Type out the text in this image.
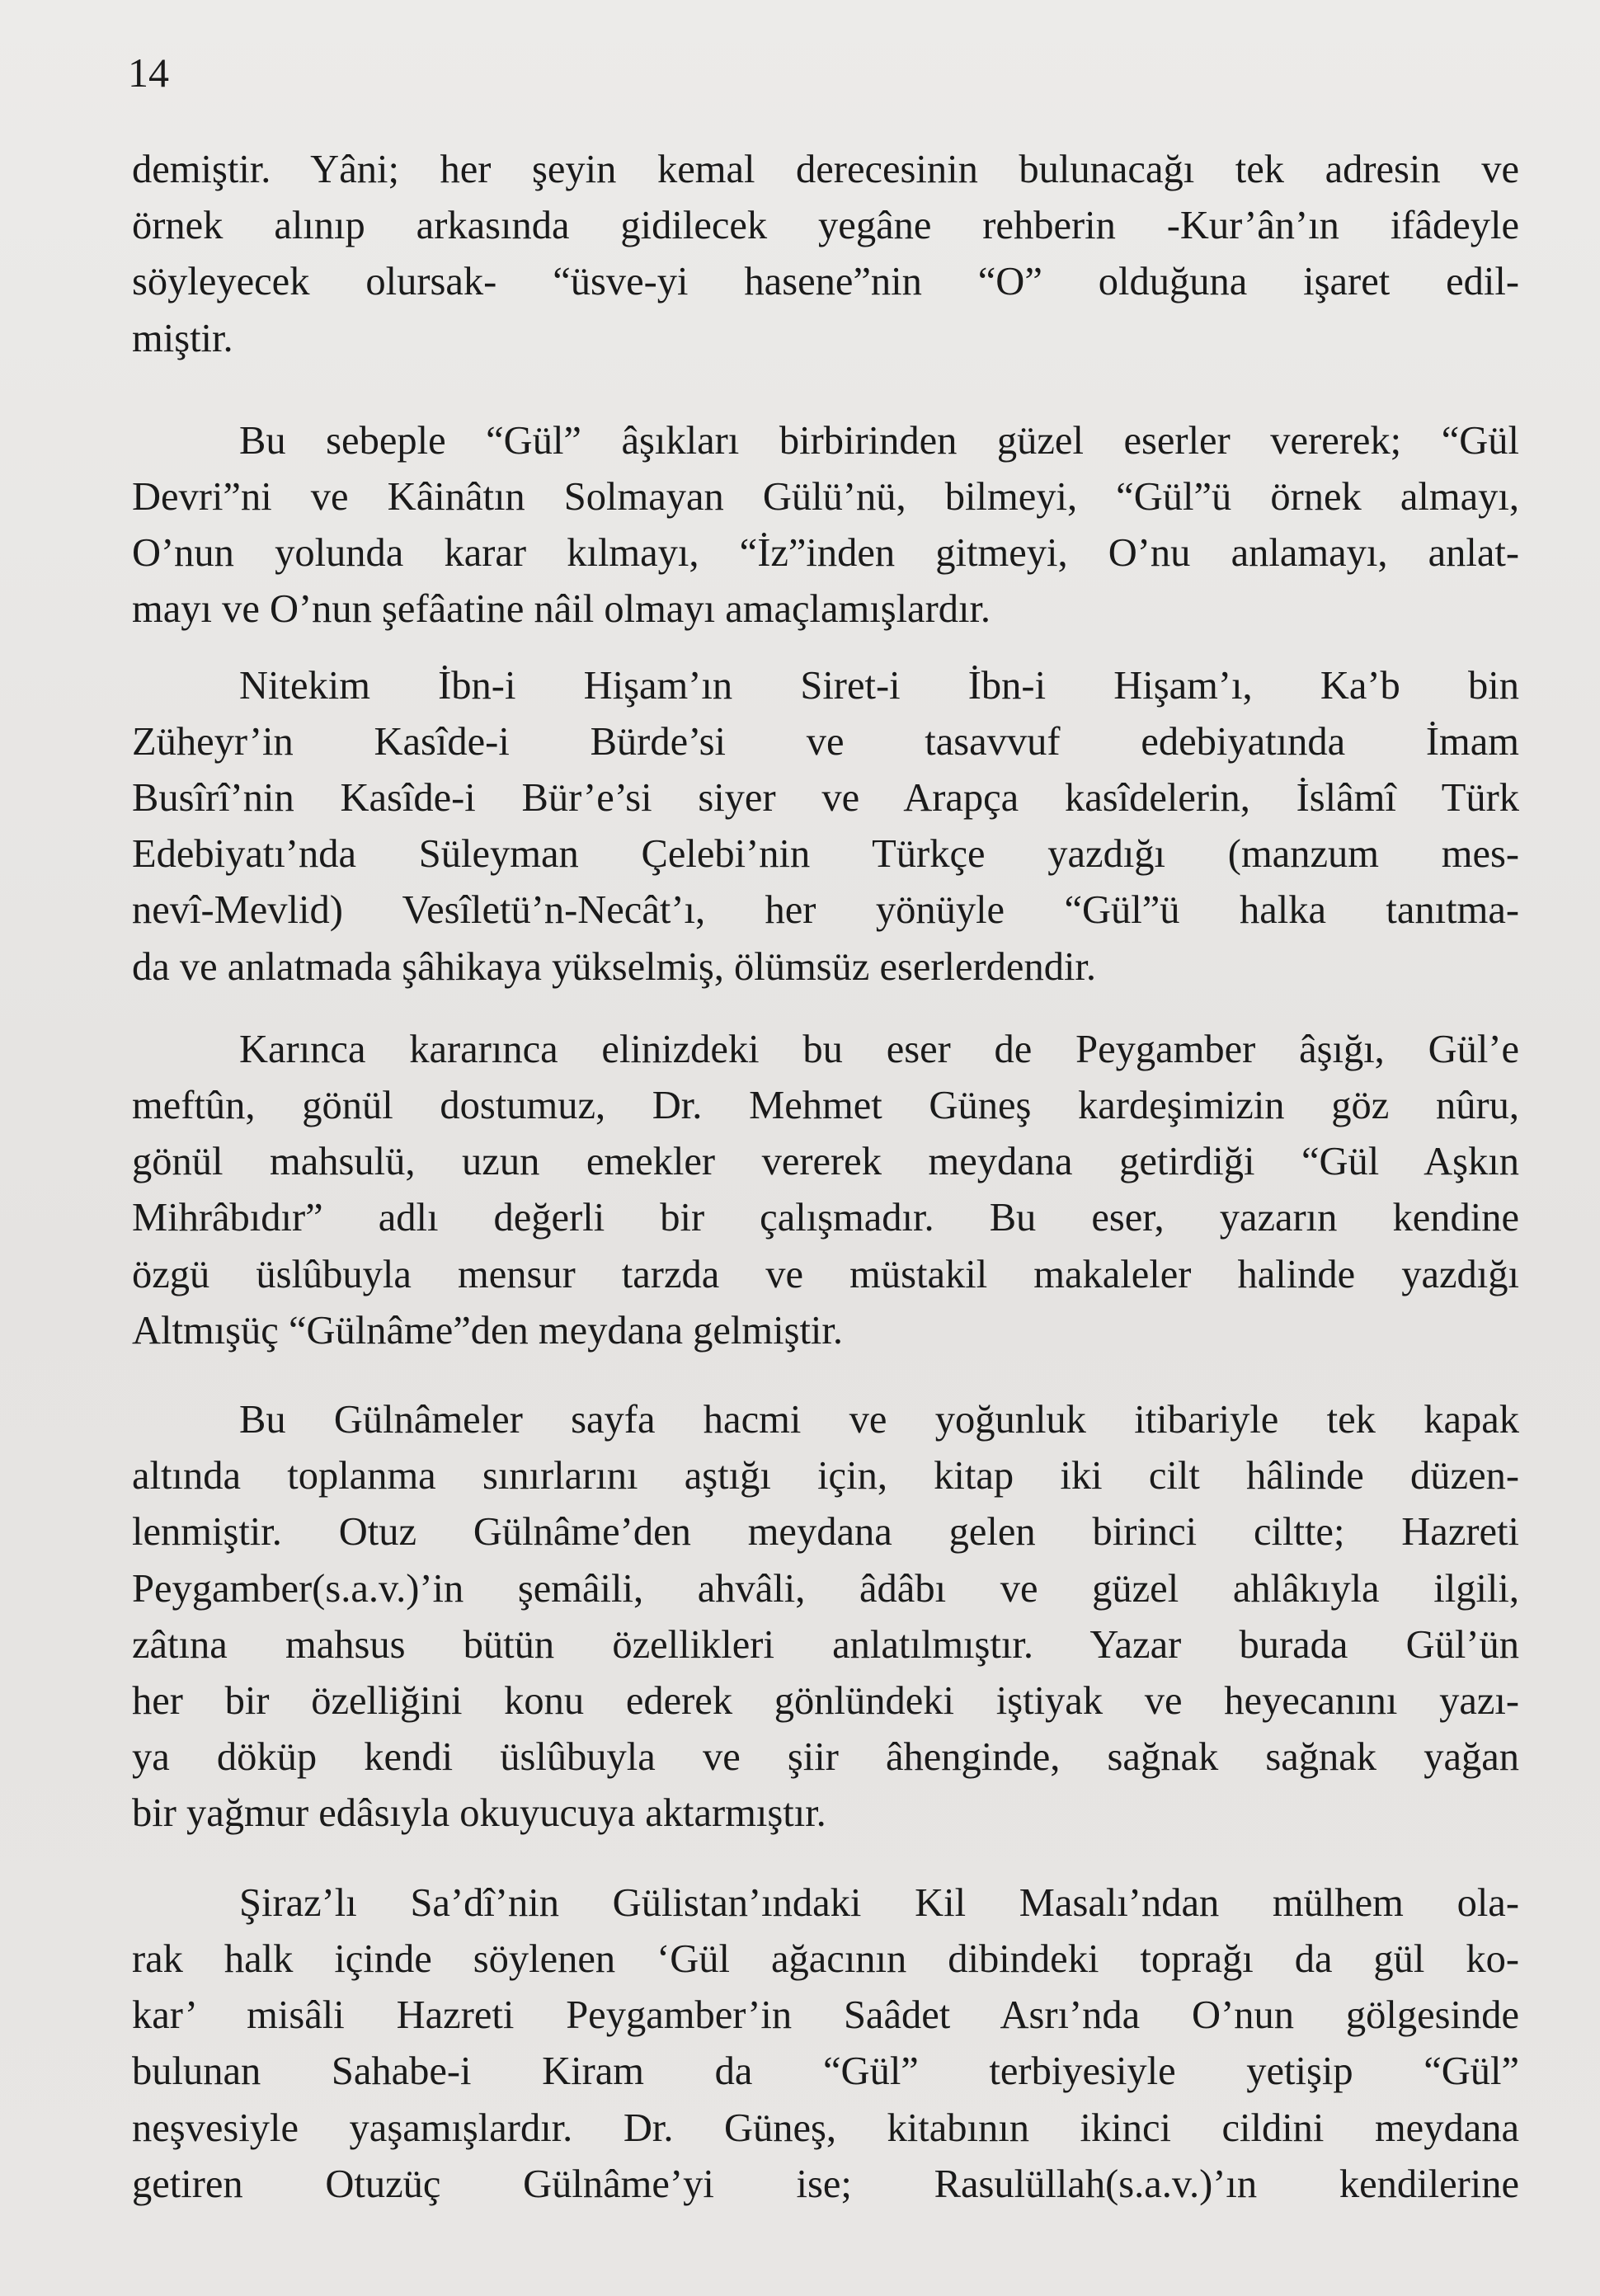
14

demiştir. Yâni; her şeyin kemal derecesinin bulunacağı tek adresin ve
örnek alınıp arkasında gidilecek yegâne rehberin -Kur’ân’ın ifâdeyle
söyleyecek olursak- “üsve-yi hasene”nin “O” olduğuna işaret edil-
miştir.

Bu sebeple “Gül” âşıkları birbirinden güzel eserler vererek; “Gül
Devri”ni ve Kâinâtın Solmayan Gülü’nü, bilmeyi, “Gül”ü örnek almayı,
O’nun yolunda karar kılmayı, “İz”inden gitmeyi, O’nu anlamayı, anlat-
mayı ve O’nun şefâatine nâil olmayı amaçlamışlardır.

Nitekim İbn-i Hişam’ın Siret-i İbn-i Hişam’ı, Ka’b bin
Züheyr’in Kasîde-i Bürde’si ve tasavvuf edebiyatında İmam
Busîrî’nin Kasîde-i Bür’e’si siyer ve Arapça kasîdelerin, İslâmî Türk
Edebiyatı’nda Süleyman Çelebi’nin Türkçe yazdığı (manzum mes-
nevî-Mevlid) Vesîletü’n-Necât’ı, her yönüyle “Gül”ü halka tanıtma-
da ve anlatmada şâhikaya yükselmiş, ölümsüz eserlerdendir.

Karınca kararınca elinizdeki bu eser de Peygamber âşığı, Gül’e
meftûn, gönül dostumuz, Dr. Mehmet Güneş kardeşimizin göz nûru,
gönül mahsulü, uzun emekler vererek meydana getirdiği “Gül Aşkın
Mihrâbıdır” adlı değerli bir çalışmadır. Bu eser, yazarın kendine
özgü üslûbuyla mensur tarzda ve müstakil makaleler halinde yazdığı
Altmışüç “Gülnâme”den meydana gelmiştir.

Bu Gülnâmeler sayfa hacmi ve yoğunluk itibariyle tek kapak
altında toplanma sınırlarını aştığı için, kitap iki cilt hâlinde düzen-
lenmiştir. Otuz Gülnâme’den meydana gelen birinci ciltte; Hazreti
Peygamber(s.a.v.)’in şemâili, ahvâli, âdâbı ve güzel ahlâkıyla ilgili,
zâtına mahsus bütün özellikleri anlatılmıştır. Yazar burada Gül’ün
her bir özelliğini konu ederek gönlündeki iştiyak ve heyecanını yazı-
ya döküp kendi üslûbuyla ve şiir âhenginde, sağnak sağnak yağan
bir yağmur edâsıyla okuyucuya aktarmıştır.

Şiraz’lı Sa’dî’nin Gülistan’ındaki Kil Masalı’ndan mülhem ola-
rak halk içinde söylenen ‘Gül ağacının dibindeki toprağı da gül ko-
kar’ misâli Hazreti Peygamber’in Saâdet Asrı’nda O’nun gölgesinde
bulunan Sahabe-i Kiram da “Gül” terbiyesiyle yetişip “Gül”
neşvesiyle yaşamışlardır. Dr. Güneş, kitabının ikinci cildini meydana
getiren Otuzüç Gülnâme’yi ise; Rasulüllah(s.a.v.)’ın kendilerine
